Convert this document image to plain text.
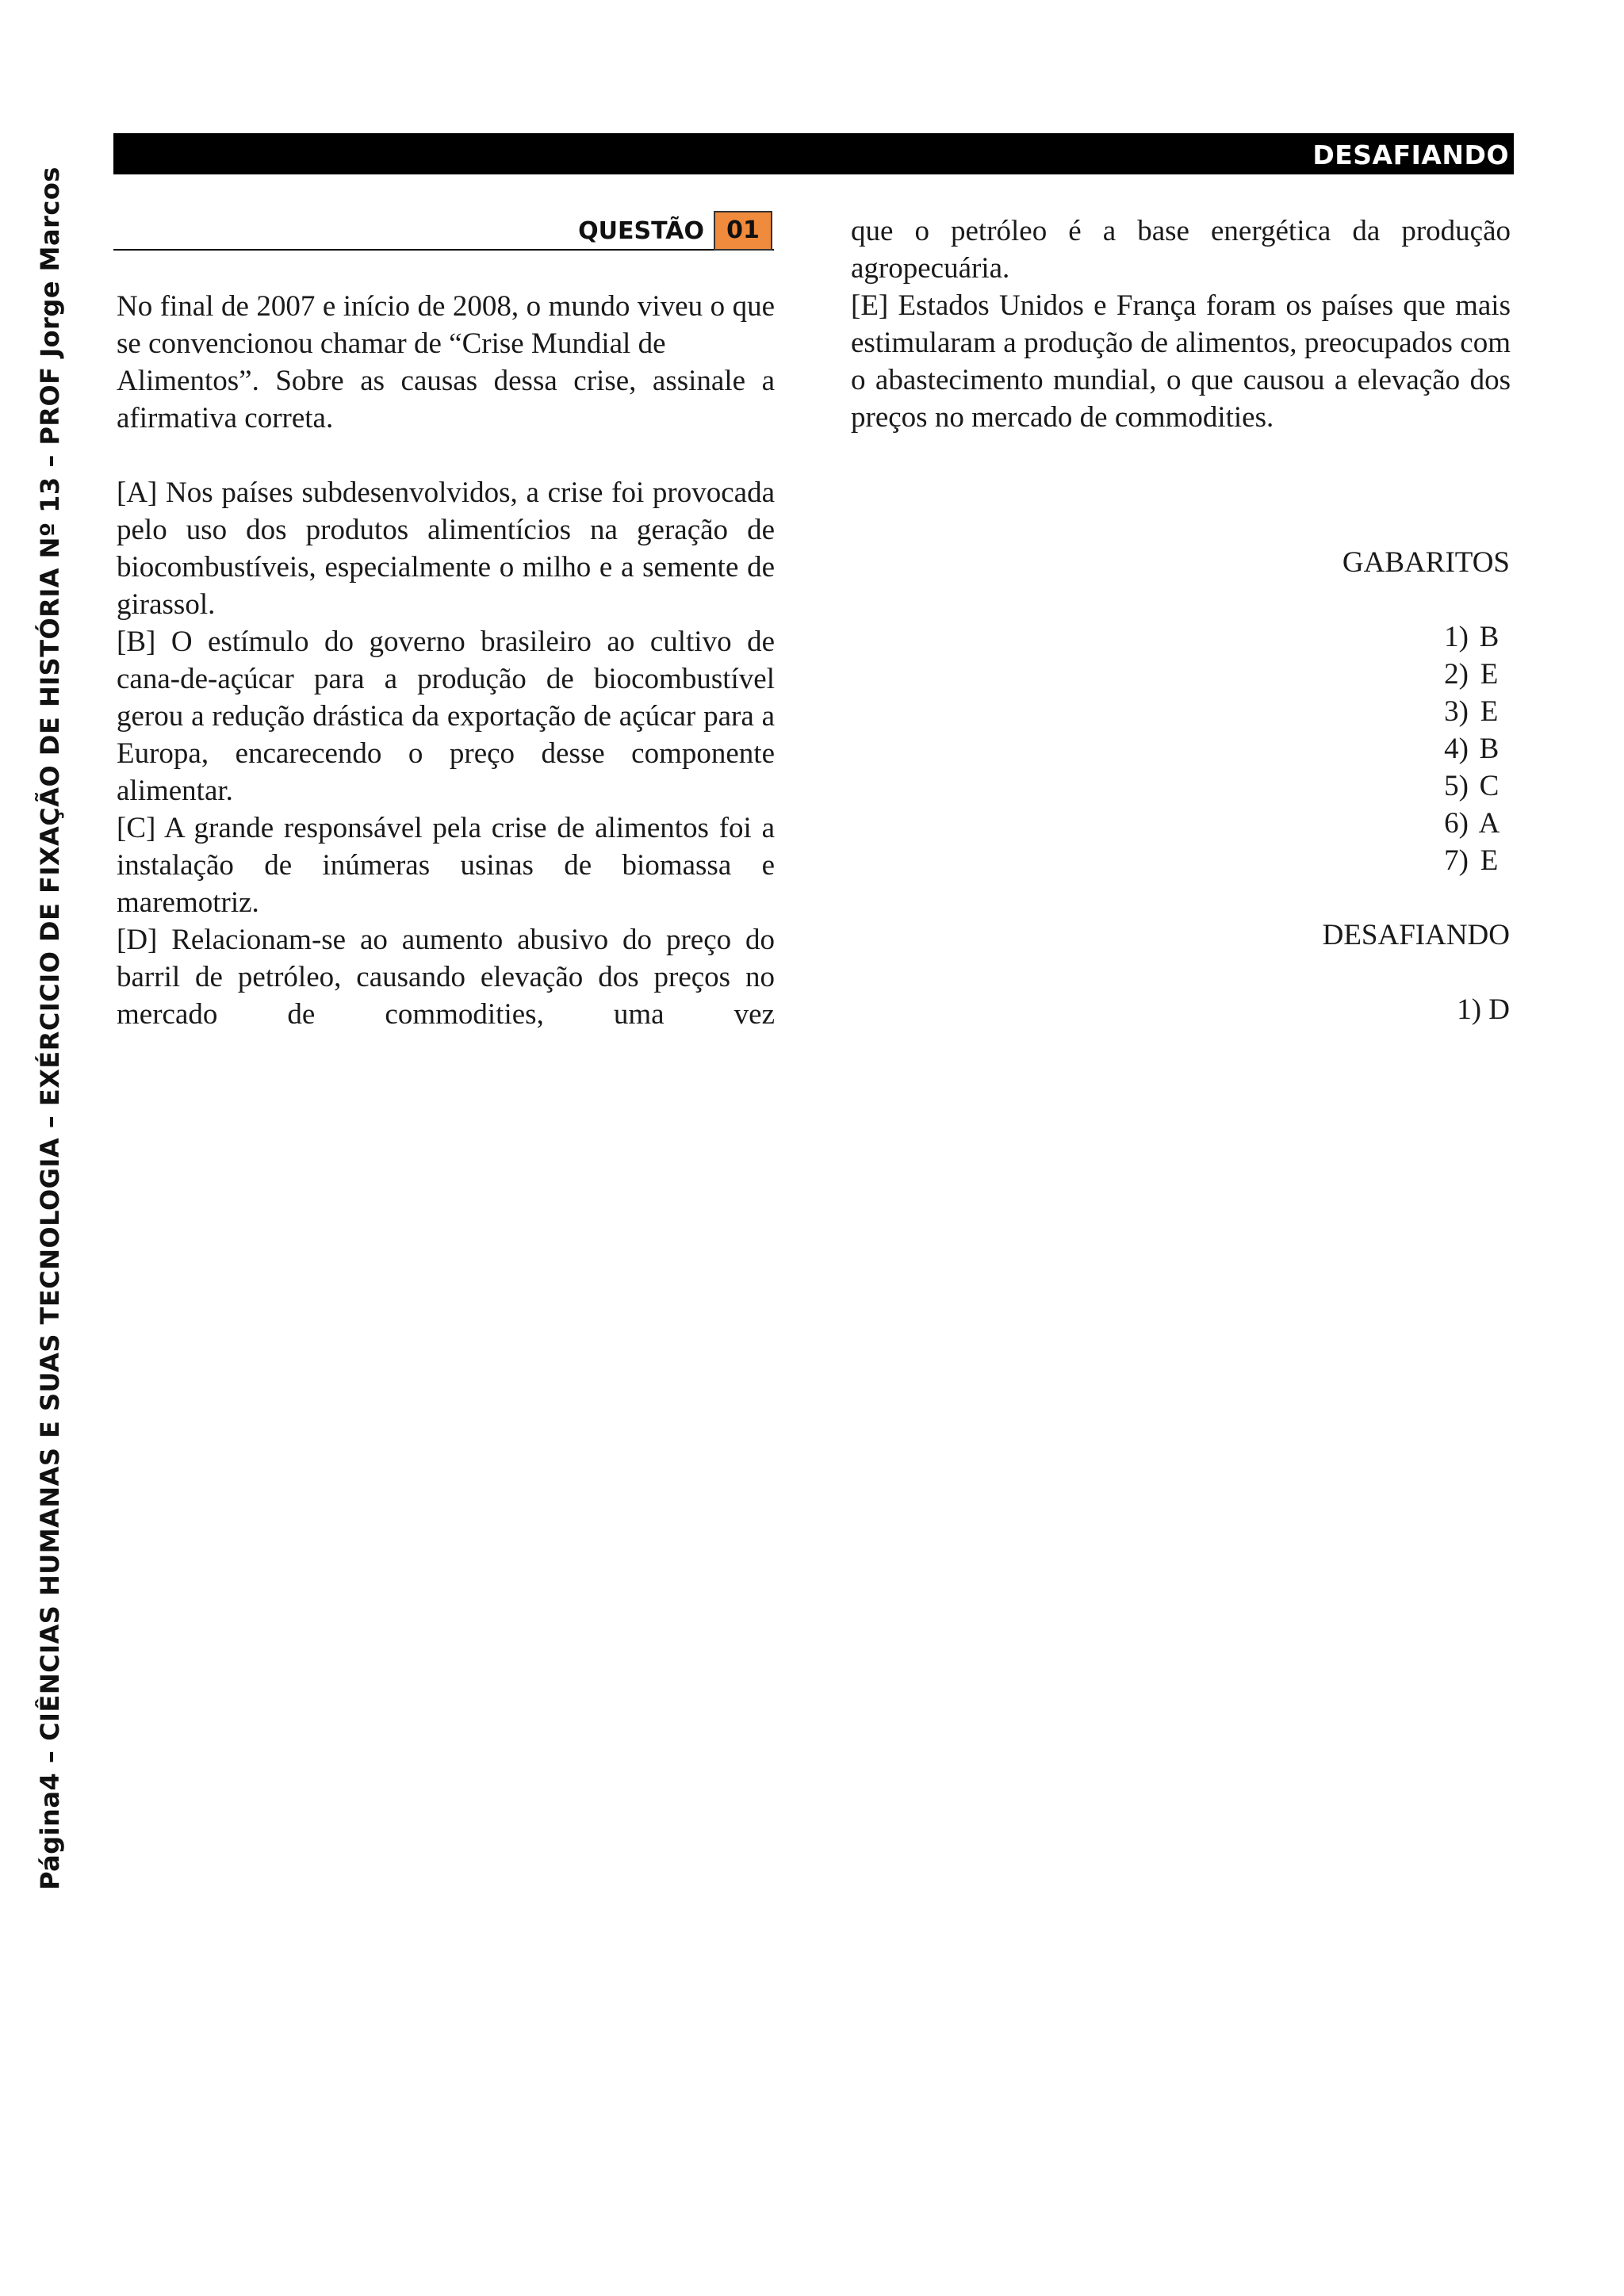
Página4 – CIÊNCIAS HUMANAS E SUAS TECNOLOGIA – EXÉRCICIO DE FIXAÇÃO DE HISTÓRIA Nº 13 – PROF Jorge Marcos
DESAFIANDO
QUESTÃO 01

No final de 2007 e início de 2008, o mundo viveu o que se convencionou chamar de “Crise Mundial de

Alimentos”. Sobre as causas dessa crise, assinale a afirmativa correta.

[A] Nos países subdesenvolvidos, a crise foi provocada pelo uso dos produtos alimentícios na geração de biocombustíveis, especialmente o milho e a semente de girassol.

[B] O estímulo do governo brasileiro ao cultivo de cana-de-açúcar para a produção de biocombustível gerou a redução drástica da exportação de açúcar para a Europa, encarecendo o preço desse componente alimentar.

[C] A grande responsável pela crise de alimentos foi a instalação de inúmeras usinas de biomassa e maremotriz.

[D] Relacionam-se ao aumento abusivo do preço do barril de petróleo, causando elevação dos preços no mercado de commodities, uma vez

que o petróleo é a base energética da produção agropecuária.

[E] Estados Unidos e França foram os países que mais estimularam a produção de alimentos, preocupados com o abastecimento mundial, o que causou a elevação dos preços no mercado de commodities.

GABARITOS

1) B

2) E

3) E

4) B

5) C

6) A

7) E

DESAFIANDO

1) D
